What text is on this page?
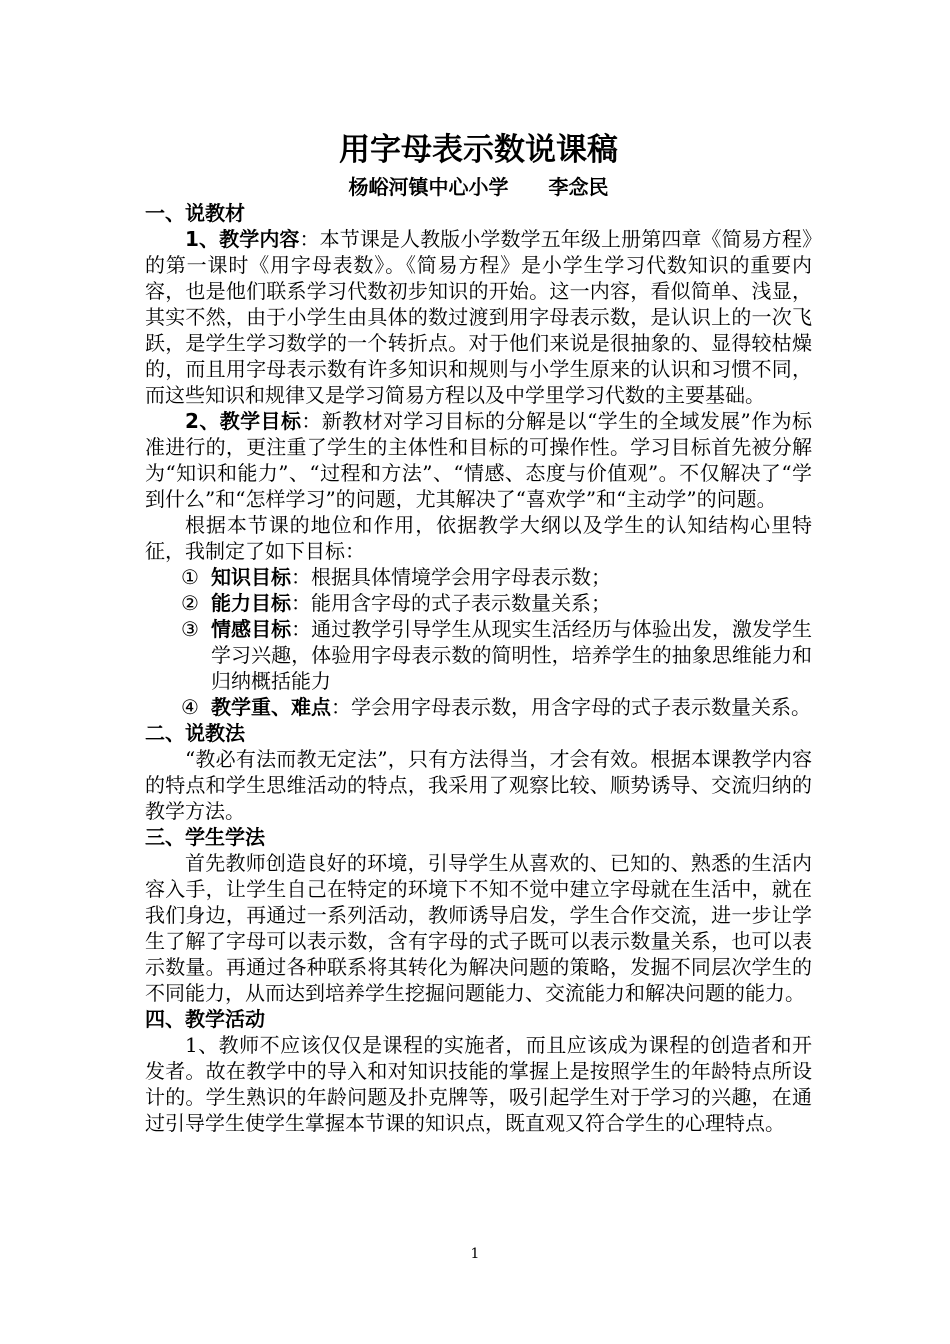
用字母表示数说课稿
杨峪河镇中心小学 李念民
一、说教材

1、教学内容：本节课是人教版小学数学五年级上册第四章《简易方程》的第一课时《用字母表数》。《简易方程》是小学生学习代数知识的重要内容，也是他们联系学习代数初步知识的开始。这一内容，看似简单、浅显，其实不然，由于小学生由具体的数过渡到用字母表示数，是认识上的一次飞跃，是学生学习数学的一个转折点。对于他们来说是很抽象的、显得较枯燥的，而且用字母表示数有许多知识和规则与小学生原来的认识和习惯不同，而这些知识和规律又是学习简易方程以及中学里学习代数的主要基础。

2、教学目标：新教材对学习目标的分解是以“学生的全域发展”作为标准进行的，更注重了学生的主体性和目标的可操作性。学习目标首先被分解为“知识和能力”、“过程和方法”、“情感、态度与价值观”。不仅解决了“学到什么”和“怎样学习”的问题，尤其解决了“喜欢学”和“主动学”的问题。

根据本节课的地位和作用，依据教学大纲以及学生的认知结构心里特征，我制定了如下目标：

① 知识目标：根据具体情境学会用字母表示数；
② 能力目标：能用含字母的式子表示数量关系；
③ 情感目标：通过教学引导学生从现实生活经历与体验出发，激发学生学习兴趣，体验用字母表示数的简明性，培养学生的抽象思维能力和归纳概括能力
④ 教学重、难点：学会用字母表示数，用含字母的式子表示数量关系。
二、说教法

“教必有法而教无定法”，只有方法得当，才会有效。根据本课教学内容的特点和学生思维活动的特点，我采用了观察比较、顺势诱导、交流归纳的教学方法。

三、学生学法

首先教师创造良好的环境，引导学生从喜欢的、已知的、熟悉的生活内容入手，让学生自己在特定的环境下不知不觉中建立字母就在生活中，就在我们身边，再通过一系列活动，教师诱导启发，学生合作交流，进一步让学生了解了字母可以表示数，含有字母的式子既可以表示数量关系，也可以表示数量。再通过各种联系将其转化为解决问题的策略，发掘不同层次学生的不同能力，从而达到培养学生挖掘问题能力、交流能力和解决问题的能力。

四、教学活动

1、教师不应该仅仅是课程的实施者，而且应该成为课程的创造者和开发者。故在教学中的导入和对知识技能的掌握上是按照学生的年龄特点所设计的。学生熟识的年龄问题及扑克牌等，吸引起学生对于学习的兴趣，在通过引导学生使学生掌握本节课的知识点，既直观又符合学生的心理特点。

1
